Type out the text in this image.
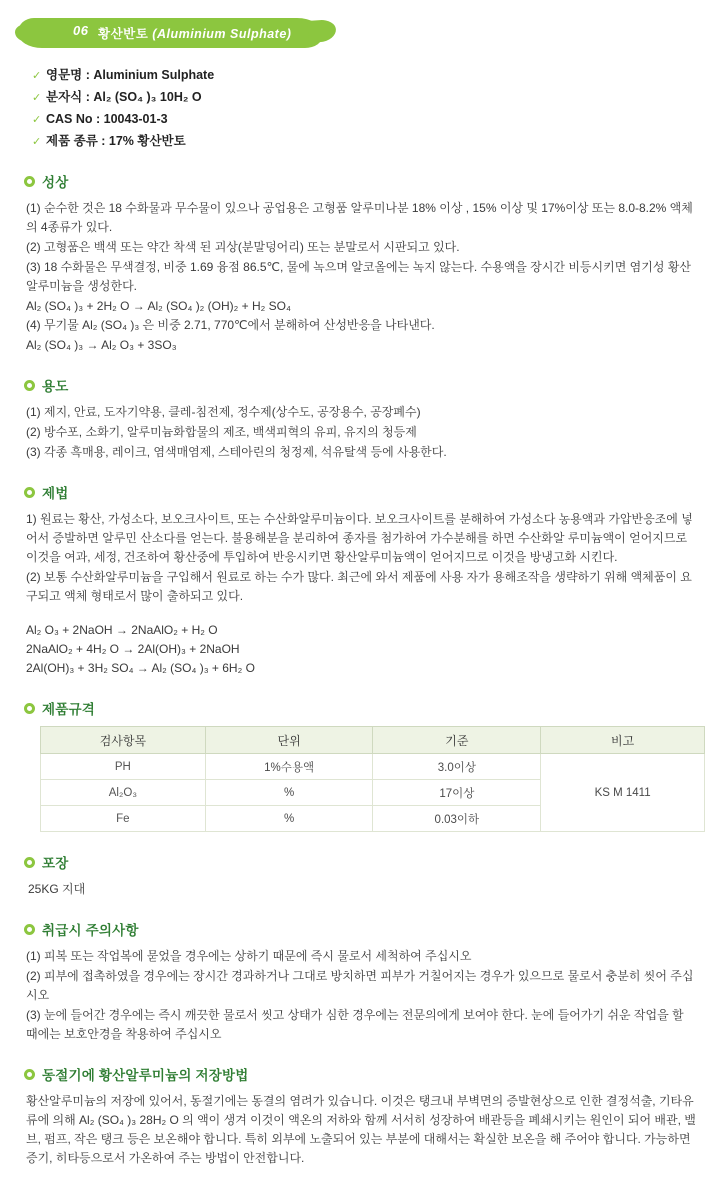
06 황산반토 (Aluminium Sulphate)
✓ 영문명 : Aluminium Sulphate
✓ 분자식 : Al₂ (SO₄ )₃ 10H₂ O
✓ CAS No : 10043-01-3
✓ 제품 종류 : 17% 황산반토
성상

(1) 순수한 것은 18 수화물과 무수물이 있으나 공업용은 고형품 알루미나분 18% 이상 , 15% 이상 및 17%이상 또는 8.0-8.2% 액체의 4종류가 있다.

(2) 고형품은 백색 또는 약간 착색 된 괴상(분말덩어리) 또는 분말로서 시판되고 있다.

(3) 18 수화물은 무색결정, 비중 1.69 융점 86.5℃, 물에 녹으며 알코올에는 녹지 않는다. 수용액을 장시간 비등시키면 염기성 황산알루미늄을 생성한다.

Al₂ (SO₄ )₃ + 2H₂ O → Al₂ (SO₄ )₂ (OH)₂ + H₂ SO₄

(4) 무기물 Al₂ (SO₄ )₃ 은 비중 2.71, 770℃에서 분해하여 산성반응을 나타낸다.

Al₂ (SO₄ )₃ → Al₂ O₃ + 3SO₃

용도

(1) 제지, 안료, 도자기약용, 클레-침전제, 정수제(상수도, 공장용수, 공장폐수)

(2) 방수포, 소화기, 알루미늄화합물의 제조, 백색피혁의 유피, 유지의 청등제

(3) 각종 흑매용, 레이크, 염색매염제, 스테아린의 청정제, 석유탈색 등에 사용한다.

제법

1) 원료는 황산, 가성소다, 보오크사이트, 또는 수산화알루미늄이다. 보오크사이트를 분해하여 가성소다 농용액과 가압반응조에 넣어서 증발하면 알루민 산소다를 얻는다. 불용해분을 분리하여 종자를 첨가하여 가수분해를 하면 수산화알 루미늄액이 얻어지므로 이것을 여과, 세정, 건조하여 황산중에 투입하여 반응시키면 황산알루미늄액이 얻어지므로 이것을 방냉고화 시킨다.

(2) 보통 수산화알루미늄을 구입해서 원료로 하는 수가 많다. 최근에 와서 제품에 사용 자가 용해조작을 생략하기 위해 액체품이 요구되고 액체 형태로서 많이 출하되고 있다.

Al₂ O₃ + 2NaOH → 2NaAlO₂ + H₂ O

2NaAlO₂ + 4H₂ O → 2Al(OH)₃ + 2NaOH

2Al(OH)₃ + 3H₂ SO₄ → Al₂ (SO₄ )₃ + 6H₂ O

제품규격
검사항목	단위	기준	비고
PH	1%수용액	3.0이상	KS M 1411
Al₂O₃	%	17이상	
Fe	%	0.03이하	
포장
25KG 지대
취급시 주의사항

(1) 피복 또는 작업복에 묻었을 경우에는 상하기 때문에 즉시 물로서 세척하여 주십시오

(2) 피부에 접촉하였을 경우에는 장시간 경과하거나 그대로 방치하면 피부가 거칠어지는 경우가 있으므로 물로서 충분히 씻어 주십시오

(3) 눈에 들어간 경우에는 즉시 깨끗한 물로서 씻고 상태가 심한 경우에는 전문의에게 보여야 한다. 눈에 들어가기 쉬운 작업을 할 때에는 보호안경을 착용하여 주십시오

동절기에 황산알루미늄의 저장방법

황산알루미늄의 저장에 있어서, 동절기에는 동결의 염려가 있습니다. 이것은 탱크내 부벽면의 증발현상으로 인한 결정석출, 기타유류에 의해 Al₂ (SO₄ )₃ 28H₂ O 의 액이 생겨 이것이 액온의 저하와 함께 서서히 성장하여 배관등을 폐쇄시키는 원인이 되어 배관, 밸브, 펌프, 작은 탱크 등은 보온해야 합니다. 특히 외부에 노출되어 있는 부분에 대해서는 확실한 보온을 해 주어야 합니다. 가능하면 증기, 히타등으로서 가온하여 주는 방법이 안전합니다.
